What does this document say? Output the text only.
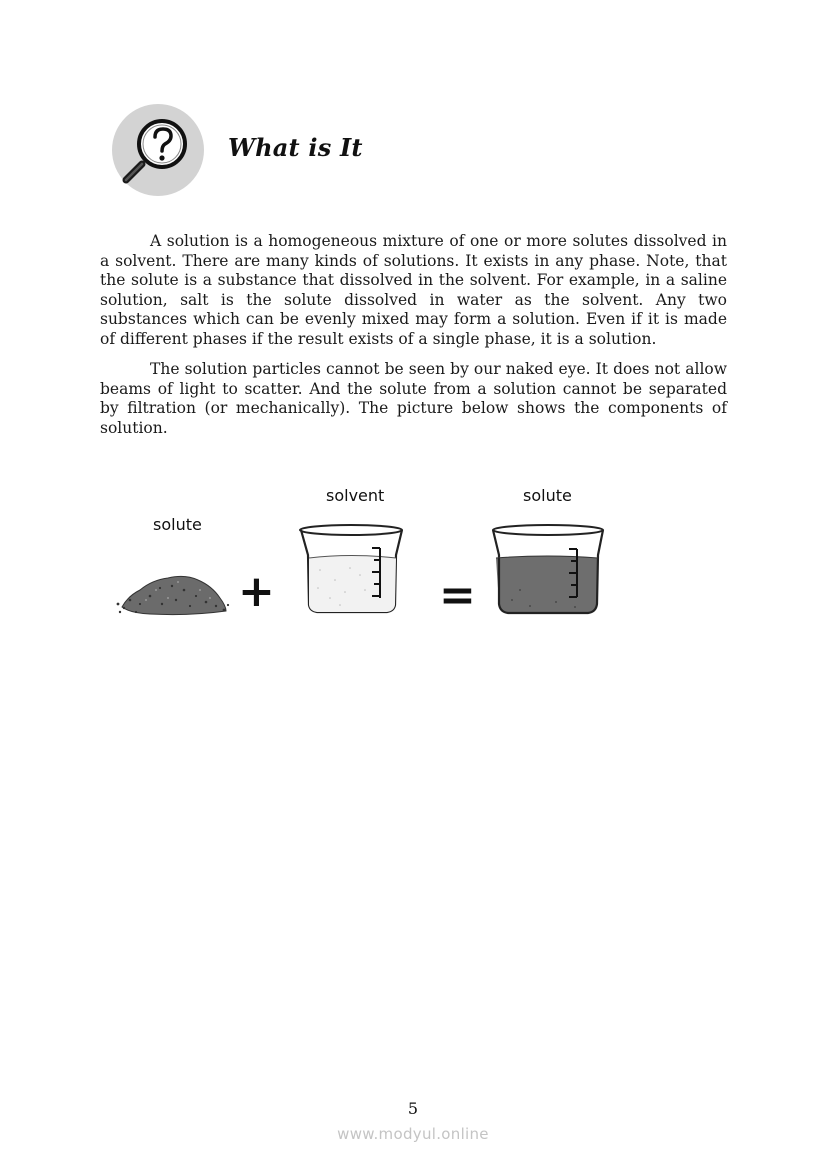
What is It

A solution is a homogeneous mixture of one or more solutes dissolved in a solvent. There are many kinds of solutions. It exists in any phase. Note, that the solute is a substance that dissolved in the solvent. For example, in a saline solution, salt is the solute dissolved in water as the solvent. Any two substances which can be evenly mixed may form a solution. Even if it is made of different phases if the result exists of a single phase, it is a solution.

The solution particles cannot be seen by our naked eye. It does not allow beams of light to scatter. And the solute from a solution cannot be separated by filtration (or mechanically). The picture below shows the components of solution.

solute
solvent	solute
+	=
5
www.modyul.online
